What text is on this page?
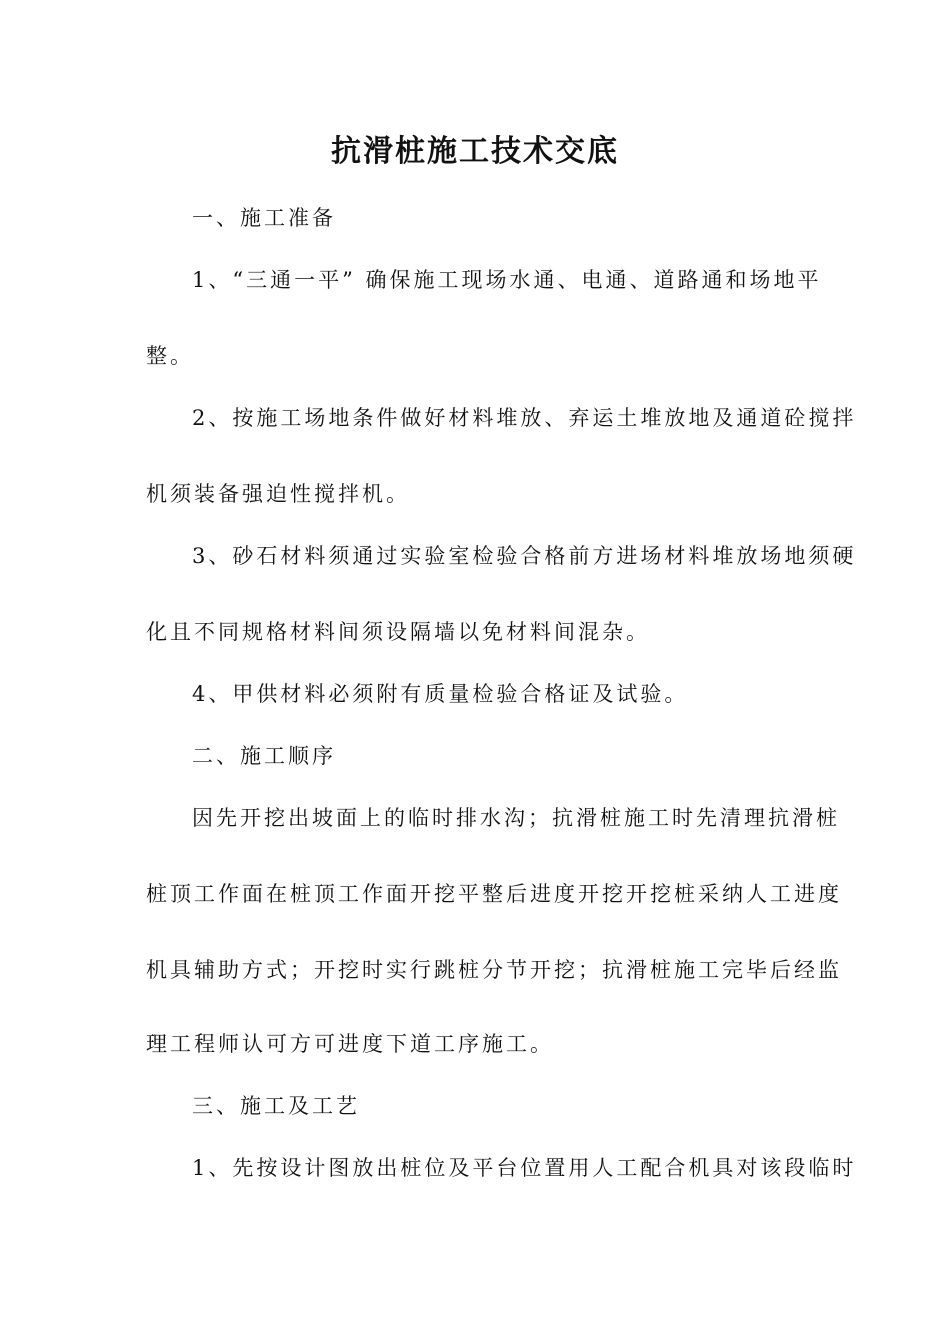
抗滑桩施工技术交底
一、施工准备
1、“三通一平” 确保施工现场水通、电通、道路通和场地平
整。
2、按施工场地条件做好材料堆放、弃运土堆放地及通道砼搅拌
机须装备强迫性搅拌机。
3、砂石材料须通过实验室检验合格前方进场材料堆放场地须硬
化且不同规格材料间须设隔墙以免材料间混杂。
4、甲供材料必须附有质量检验合格证及试验。
二、施工顺序
因先开挖出坡面上的临时排水沟；抗滑桩施工时先清理抗滑桩
桩顶工作面在桩顶工作面开挖平整后进度开挖开挖桩采纳人工进度
机具辅助方式；开挖时实行跳桩分节开挖；抗滑桩施工完毕后经监
理工程师认可方可进度下道工序施工。
三、施工及工艺
1、先按设计图放出桩位及平台位置用人工配合机具对该段临时
